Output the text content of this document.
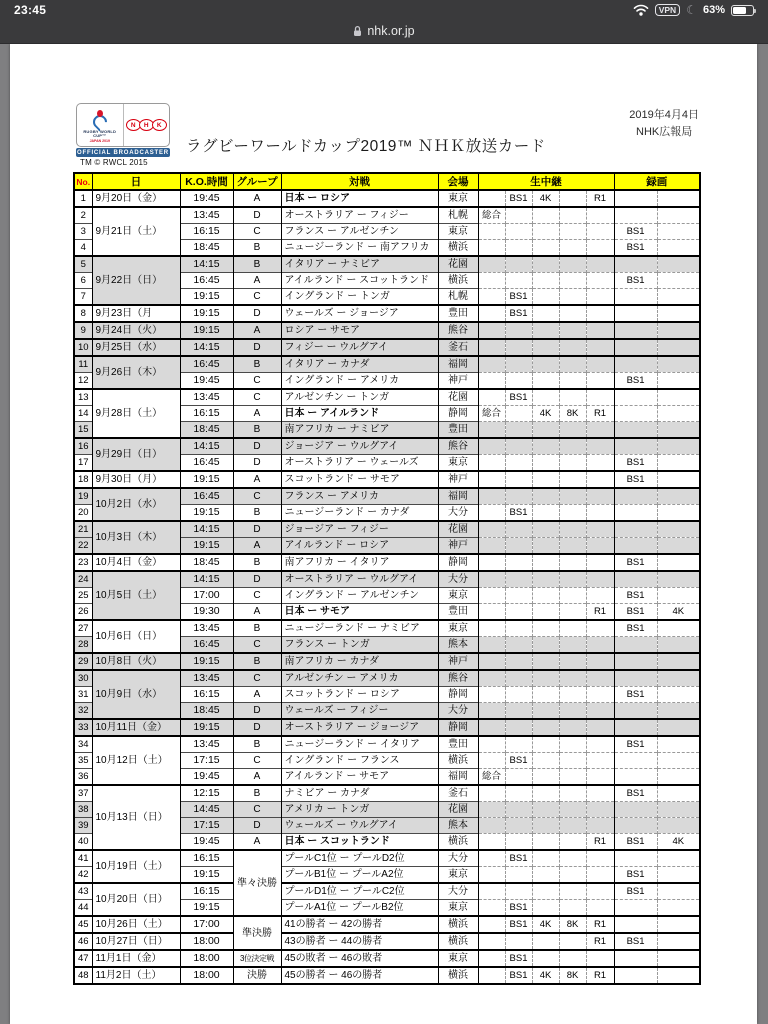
23:45	VPN ☾ 63%
nhk.or.jp
RUGBY WORLD CUP™
JAPAN 2019
N	H	K
OFFICIAL BROADCASTER
TM © RWCL 2015
ラグビーワールドカップ2019™ ＮＨＫ放送カード
2019年4月4日
NHK広報局
No.	日	K.O.時間	グループ	対戦	会場	生中継					録画	
1	9月20日（金）	19:45	A	日本 ー ロシア	東京		BS1	4K		R1		
2	9月21日（土）	13:45	D	オーストラリア ー フィジー	札幌	総合						
3		16:15	C	フランス ー アルゼンチン	東京						BS1	
4		18:45	B	ニュージーランド ー 南アフリカ	横浜						BS1	
5	9月22日（日）	14:15	B	イタリア ー ナミビア	花園							
6		16:45	A	アイルランド ー スコットランド	横浜						BS1	
7		19:15	C	イングランド ー トンガ	札幌		BS1					
8	9月23日（月	19:15	D	ウェールズ ー ジョージア	豊田		BS1					
9	9月24日（火）	19:15	A	ロシア ー サモア	熊谷							
10	9月25日（水）	14:15	D	フィジー ー ウルグアイ	釜石							
11	9月26日（木）	16:45	B	イタリア ー カナダ	福岡							
12		19:45	C	イングランド ー アメリカ	神戸						BS1	
13	9月28日（土）	13:45	C	アルゼンチン ー トンガ	花園		BS1					
14		16:15	A	日本 ー アイルランド	静岡	総合		4K	8K	R1		
15		18:45	B	南アフリカ ー ナミビア	豊田							
16	9月29日（日）	14:15	D	ジョージア ー ウルグアイ	熊谷							
17		16:45	D	オーストラリア ー ウェールズ	東京						BS1	
18	9月30日（月）	19:15	A	スコットランド ー サモア	神戸						BS1	
19	10月2日（水）	16:45	C	フランス ー アメリカ	福岡							
20		19:15	B	ニュージーランド ー カナダ	大分		BS1					
21	10月3日（木）	14:15	D	ジョージア ー フィジー	花園							
22		19:15	A	アイルランド ー ロシア	神戸							
23	10月4日（金）	18:45	B	南アフリカ ー イタリア	静岡						BS1	
24	10月5日（土）	14:15	D	オーストラリア ー ウルグアイ	大分							
25		17:00	C	イングランド ー アルゼンチン	東京						BS1	
26		19:30	A	日本 ー サモア	豊田					R1	BS1	4K
27	10月6日（日）	13:45	B	ニュージーランド ー ナミビア	東京						BS1	
28		16:45	C	フランス ー トンガ	熊本							
29	10月8日（火）	19:15	B	南アフリカ ー カナダ	神戸							
30	10月9日（水）	13:45	C	アルゼンチン ー アメリカ	熊谷							
31		16:15	A	スコットランド ー ロシア	静岡						BS1	
32		18:45	D	ウェールズ ー フィジー	大分							
33	10月11日（金）	19:15	D	オーストラリア ー ジョージア	静岡							
34	10月12日（土）	13:45	B	ニュージーランド ー イタリア	豊田						BS1	
35		17:15	C	イングランド ー フランス	横浜		BS1					
36		19:45	A	アイルランド ー サモア	福岡	総合						
37	10月13日（日）	12:15	B	ナミビア ー カナダ	釜石						BS1	
38		14:45	C	アメリカ ー トンガ	花園							
39		17:15	D	ウェールズ ー ウルグアイ	熊本							
40		19:45	A	日本 ー スコットランド	横浜					R1	BS1	4K
41	10月19日（土）	16:15	準々決勝	プールC1位 ー プールD2位	大分		BS1					
42		19:15		プールB1位 ー プールA2位	東京						BS1	
43	10月20日（日）	16:15		プールD1位 ー プールC2位	大分						BS1	
44		19:15		プールA1位 ー プールB2位	東京		BS1					
45	10月26日（土）	17:00	準決勝	41の勝者 ー 42の勝者	横浜		BS1	4K	8K	R1		
46	10月27日（日）	18:00		43の勝者 ー 44の勝者	横浜					R1	BS1	
47	11月1日（金）	18:00	3位決定戦	45の敗者 ー 46の敗者	東京		BS1					
48	11月2日（土）	18:00	決勝	45の勝者 ー 46の勝者	横浜		BS1	4K	8K	R1		
